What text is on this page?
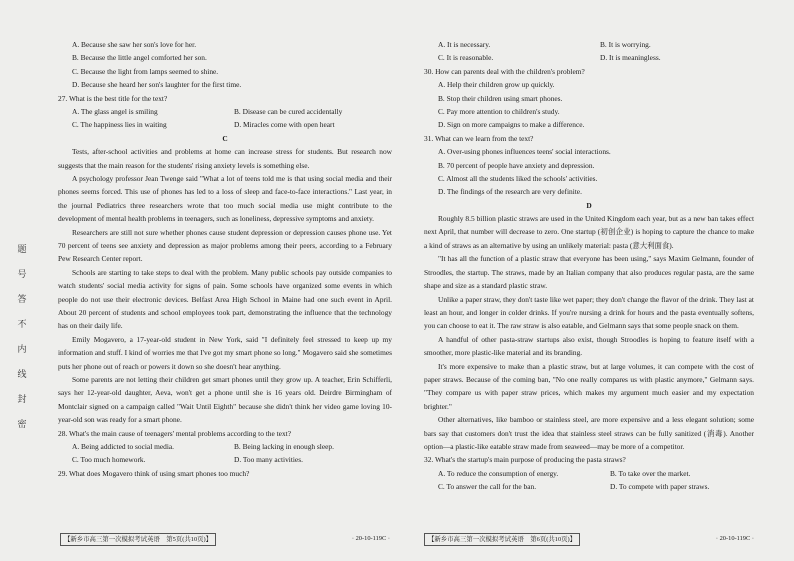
题
号
答
不
内
线
封
密
A. Because she saw her son's love for her.
B. Because the little angel comforted her son.
C. Because the light from lamps seemed to shine.
D. Because she heard her son's laughter for the first time.
27. What is the best title for the text?
A. The glass angel is smiling	B. Disease can be cured accidentally
C. The happiness lies in waiting	D. Miracles come with open heart
C

Tests, after-school activities and problems at home can increase stress for students. But research now suggests that the main reason for the students' rising anxiety levels is something else.

A psychology professor Jean Twenge said "What a lot of teens told me is that using social media and their phones seems forced. This use of phones has led to a loss of sleep and face-to-face interactions." Last year, in the journal Pediatrics three researchers wrote that too much social media use might contribute to the development of mental health problems in teenagers, such as loneliness, depressive symptoms and anxiety.

Researchers are still not sure whether phones cause student depression or depression causes phone use. Yet 70 percent of teens see anxiety and depression as major problems among their peers, according to a February Pew Research Center report.

Schools are starting to take steps to deal with the problem. Many public schools pay outside companies to watch students' social media activity for signs of pain. Some schools have organized some events in which people do not use their electronic devices. Belfast Area High School in Maine had one such event in April. About 20 percent of students and school employees took part, demonstrating the influence that the technology has on their daily life.

Emily Mogavero, a 17-year-old student in New York, said "I definitely feel stressed to keep up my information and stuff. I kind of worries me that I've got my smart phone so long." Mogavero said she sometimes puts her phone out of reach or powers it down so she doesn't hear anything.

Some parents are not letting their children get smart phones until they grow up. A teacher, Erin Schifferli, says her 12-year-old daughter, Aeva, won't get a phone until she is 16 years old. Deirdre Birmingham of Montclair signed on a campaign called "Wait Until Eighth" because she didn't think her video game loving 10-year-old son was ready for a smart phone.

28. What's the main cause of teenagers' mental problems according to the text?
A. Being addicted to social media.	B. Being lacking in enough sleep.
C. Too much homework.	D. Too many activities.
29. What does Mogavero think of using smart phones too much?
A. It is necessary.	B. It is worrying.
C. It is reasonable.	D. It is meaningless.
30. How can parents deal with the children's problem?
A. Help their children grow up quickly.
B. Stop their children using smart phones.
C. Pay more attention to children's study.
D. Sign on more campaigns to make a difference.
31. What can we learn from the text?
A. Over-using phones influences teens' social interactions.
B. 70 percent of people have anxiety and depression.
C. Almost all the students liked the schools' activities.
D. The findings of the research are very definite.
D

Roughly 8.5 billion plastic straws are used in the United Kingdom each year, but as a new ban takes effect next April, that number will decrease to zero. One startup (初创企业) is hoping to capture the chance to make a kind of straws as an alternative by using an unlikely material: pasta (意大利面食).

"It has all the function of a plastic straw that everyone has been using," says Maxim Gelmann, founder of Stroodles, the startup. The straws, made by an Italian company that also produces regular pasta, are the same shape and size as a standard plastic straw.

Unlike a paper straw, they don't taste like wet paper; they don't change the flavor of the drink. They last at least an hour, and longer in colder drinks. If you're nursing a drink for hours and the pasta eventually softens, you can choose to eat it. The raw straw is also eatable, and Gelmann says that some people snack on them.

A handful of other pasta-straw startups also exist, though Stroodles is hoping to feature itself with a smoother, more plastic-like material and its branding.

It's more expensive to make than a plastic straw, but at large volumes, it can compete with the cost of paper straws. Because of the coming ban, "No one really compares us with plastic anymore," Gelmann says. "They compare us with paper straw prices, which makes my argument much easier and my expectation brighter."

Other alternatives, like bamboo or stainless steel, are more expensive and a less elegant solution; some bars say that customers don't trust the idea that stainless steel straws can be fully sanitized (消毒). Another option—a plastic-like eatable straw made from seaweed—may be more of a competitor.

32. What's the startup's main purpose of producing the pasta straws?
A. To reduce the consumption of energy.	B. To take over the market.
C. To answer the call for the ban.	D. To compete with paper straws.
【新乡市高三第一次模拟考试英语　第5页(共10页)】	· 20-10-119C ·	【新乡市高三第一次模拟考试英语　第6页(共10页)】	· 20-10-119C ·
